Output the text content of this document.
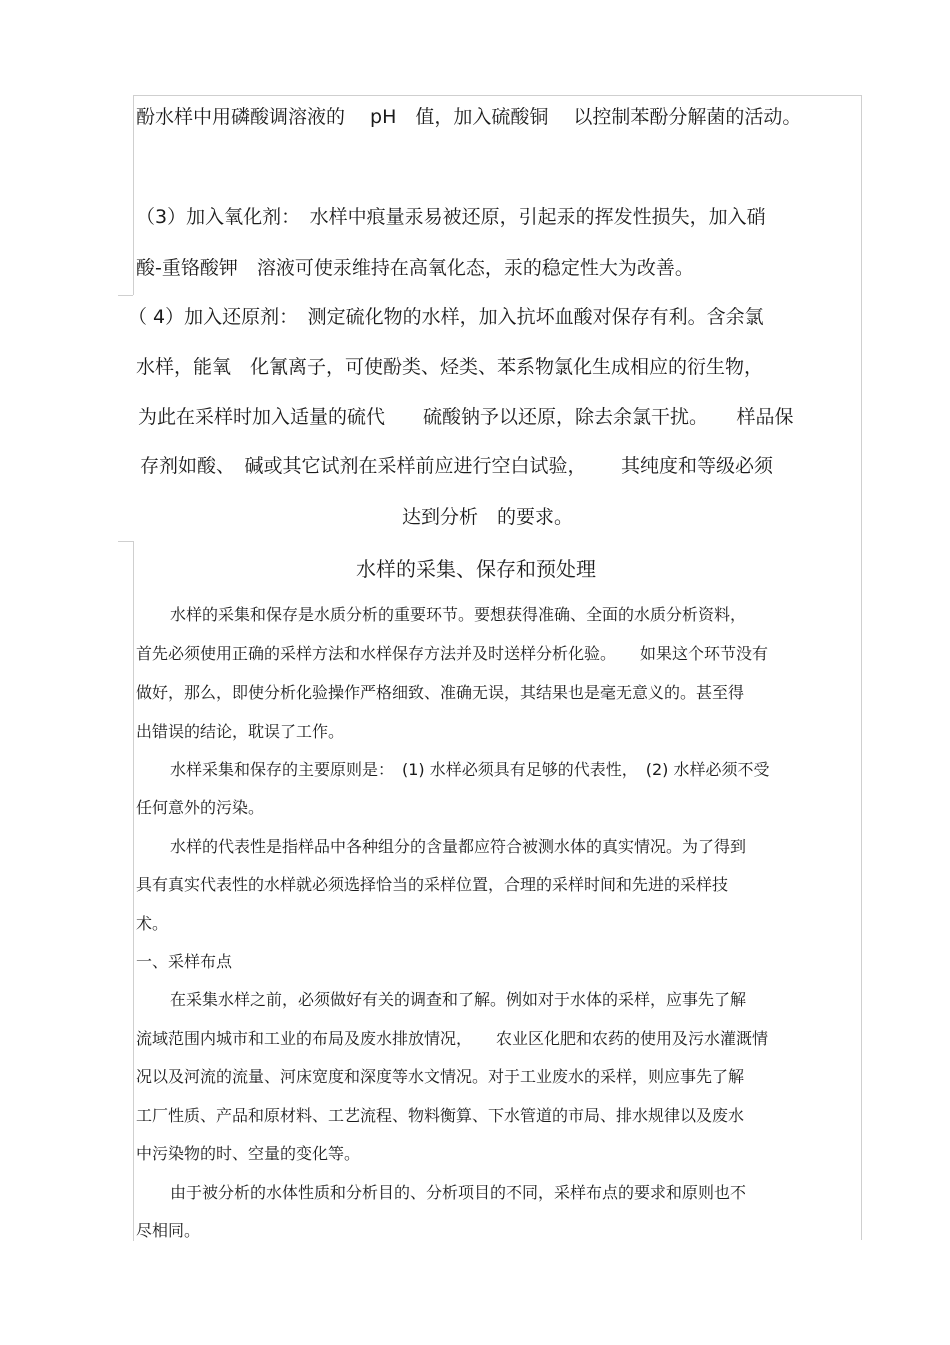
酚水样中用磷酸调溶液的　 pH　值，加入硫酸铜　 以控制苯酚分解菌的活动。
（3）加入氧化剂：　水样中痕量汞易被还原，引起汞的挥发性损失，加入硝
酸-重铬酸钾　溶液可使汞维持在高氧化态，汞的稳定性大为改善。
（ 4）加入还原剂：　测定硫化物的水样，加入抗坏血酸对保存有利。含余氯
水样，能氧　化氰离子，可使酚类、烃类、苯系物氯化生成相应的衍生物，
为此在采样时加入适量的硫代　　硫酸钠予以还原，除去余氯干扰。　　样品保
存剂如酸、　碱或其它试剂在采样前应进行空白试验，　　 其纯度和等级必须
达到分析　的要求。
水样的采集、保存和预处理
水样的采集和保存是水质分析的重要环节。要想获得准确、全面的水质分析资料，
首先必须使用正确的采样方法和水样保存方法并及时送样分析化验。　　如果这个环节没有
做好，那么，即使分析化验操作严格细致、准确无误，其结果也是毫无意义的。甚至得
出错误的结论，耽误了工作。
水样采集和保存的主要原则是：　(1) 水样必须具有足够的代表性，　(2) 水样必须不受
任何意外的污染。
水样的代表性是指样品中各种组分的含量都应符合被测水体的真实情况。为了得到
具有真实代表性的水样就必须选择恰当的采样位置，合理的采样时间和先进的采样技
术。
一、采样布点
在采集水样之前，必须做好有关的调查和了解。例如对于水体的采样，应事先了解
流域范围内城市和工业的布局及废水排放情况，　　农业区化肥和农药的使用及污水灌溉情
况以及河流的流量、河床宽度和深度等水文情况。对于工业废水的采样，则应事先了解
工厂性质、产品和原材料、工艺流程、物料衡算、下水管道的市局、排水规律以及废水
中污染物的时、空量的变化等。
由于被分析的水体性质和分析目的、分析项目的不同，采样布点的要求和原则也不
尽相同。
